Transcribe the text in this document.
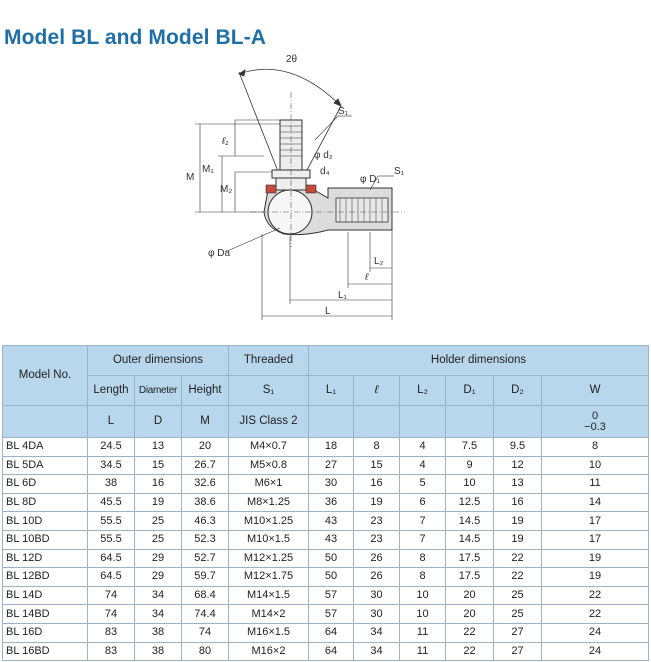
Model BL and Model BL-A
2θ
S₁
ℓ₁
φ d₂
d₄
M
M₁
M₂
φ D₁
S₁
φ Da
L₂
ℓ
L₁
L
Model No.	Outer dimensions			Threaded	Holder dimensions					
	Length	Diameter	Height	S₁	L₁	ℓ	L₂	D₁	D₂	W
	L	D	M	JIS Class 2						0
−0.3
BL 4DA	24.5	13	20	M4×0.7	18	8	4	7.5	9.5	8
BL 5DA	34.5	15	26.7	M5×0.8	27	15	4	9	12	10
BL 6D	38	16	32.6	M6×1	30	16	5	10	13	11
BL 8D	45.5	19	38.6	M8×1.25	36	19	6	12.5	16	14
BL 10D	55.5	25	46.3	M10×1.25	43	23	7	14.5	19	17
BL 10BD	55.5	25	52.3	M10×1.5	43	23	7	14.5	19	17
BL 12D	64.5	29	52.7	M12×1.25	50	26	8	17.5	22	19
BL 12BD	64.5	29	59.7	M12×1.75	50	26	8	17.5	22	19
BL 14D	74	34	68.4	M14×1.5	57	30	10	20	25	22
BL 14BD	74	34	74.4	M14×2	57	30	10	20	25	22
BL 16D	83	38	74	M16×1.5	64	34	11	22	27	24
BL 16BD	83	38	80	M16×2	64	34	11	22	27	24
